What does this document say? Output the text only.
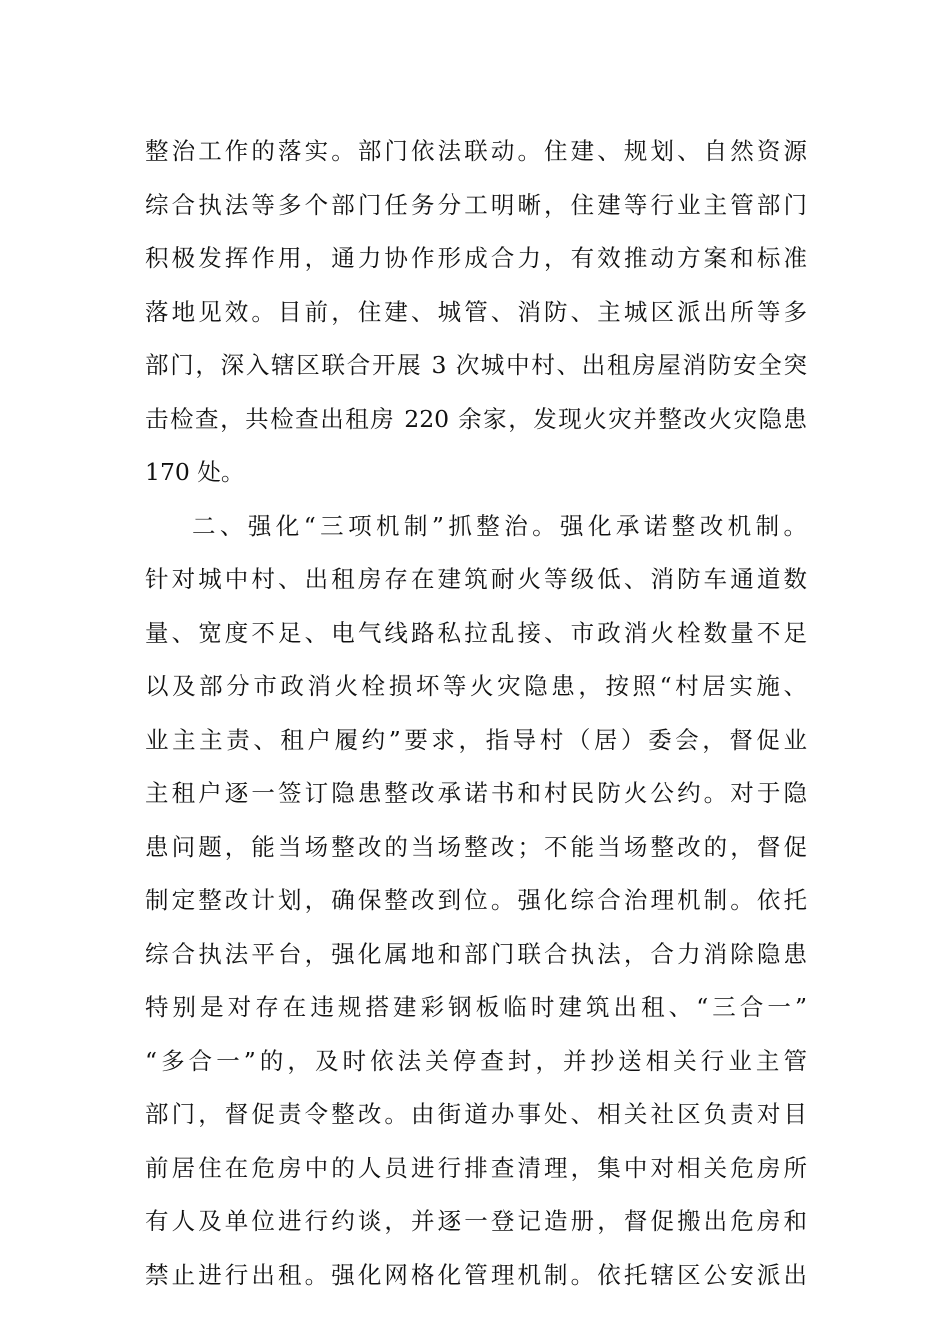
整治工作的落实。部门依法联动。住建、规划、自然资源
综合执法等多个部门任务分工明晰，住建等行业主管部门
积极发挥作用，通力协作形成合力，有效推动方案和标准
落地见效。目前，住建、城管、消防、主城区派出所等多
部门，深入辖区联合开展 3 次城中村、出租房屋消防安全突
击检查，共检查出租房 220 余家，发现火灾并整改火灾隐患
170 处。
二、强化“三项机制”抓整治。强化承诺整改机制。
针对城中村、出租房存在建筑耐火等级低、消防车通道数
量、宽度不足、电气线路私拉乱接、市政消火栓数量不足
以及部分市政消火栓损坏等火灾隐患，按照“村居实施、
业主主责、租户履约”要求，指导村（居）委会，督促业
主租户逐一签订隐患整改承诺书和村民防火公约。对于隐
患问题，能当场整改的当场整改；不能当场整改的，督促
制定整改计划，确保整改到位。强化综合治理机制。依托
综合执法平台，强化属地和部门联合执法，合力消除隐患
特别是对存在违规搭建彩钢板临时建筑出租、“三合一”
“多合一”的，及时依法关停查封，并抄送相关行业主管
部门，督促责令整改。由街道办事处、相关社区负责对目
前居住在危房中的人员进行排查清理，集中对相关危房所
有人及单位进行约谈，并逐一登记造册，督促搬出危房和
禁止进行出租。强化网格化管理机制。依托辖区公安派出
